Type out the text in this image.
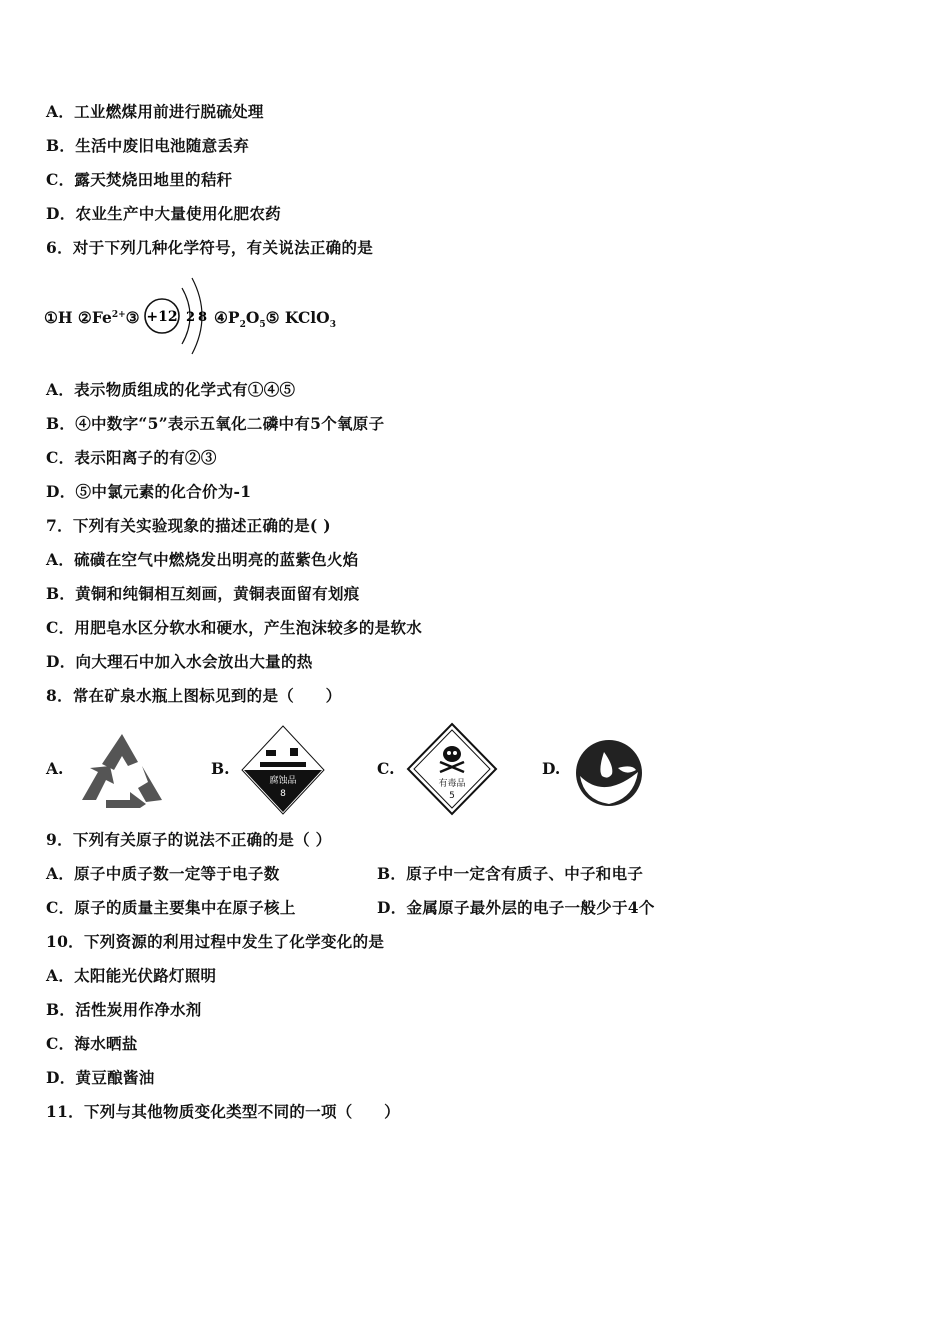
A．工业燃煤用前进行脱硫处理
B．生活中废旧电池随意丢弃
C．露天焚烧田地里的秸秆
D．农业生产中大量使用化肥农药
6．对于下列几种化学符号，有关说法正确的是
①H $②Fe^{2+}③ +12$ 2 8 $④P_2O_5⑤$ KClO$_3$
A．表示物质组成的化学式有①④⑤
B．④中数字“5”表示五氧化二磷中有5个氧原子
C．表示阳离子的有②③
D．⑤中氯元素的化合价为-1
7．下列有关实验现象的描述正确的是( )
A．硫磺在空气中燃烧发出明亮的蓝紫色火焰
B．黄铜和纯铜相互刻画，黄铜表面留有划痕
C．用肥皂水区分软水和硬水，产生泡沫较多的是软水
D．向大理石中加入水会放出大量的热
8．常在矿泉水瓶上图标见到的是（　　）
A.	B.
腐蚀品
8
C.
有毒品
5
D.
9．下列有关原子的说法不正确的是（ ）
A．原子中质子数一定等于电子数	B．原子中一定含有质子、中子和电子
C．原子的质量主要集中在原子核上	D．金属原子最外层的电子一般少于4个
10．下列资源的利用过程中发生了化学变化的是
A．太阳能光伏路灯照明
B．活性炭用作净水剂
C．海水晒盐
D．黄豆酿酱油
11．下列与其他物质变化类型不同的一项（　　）
